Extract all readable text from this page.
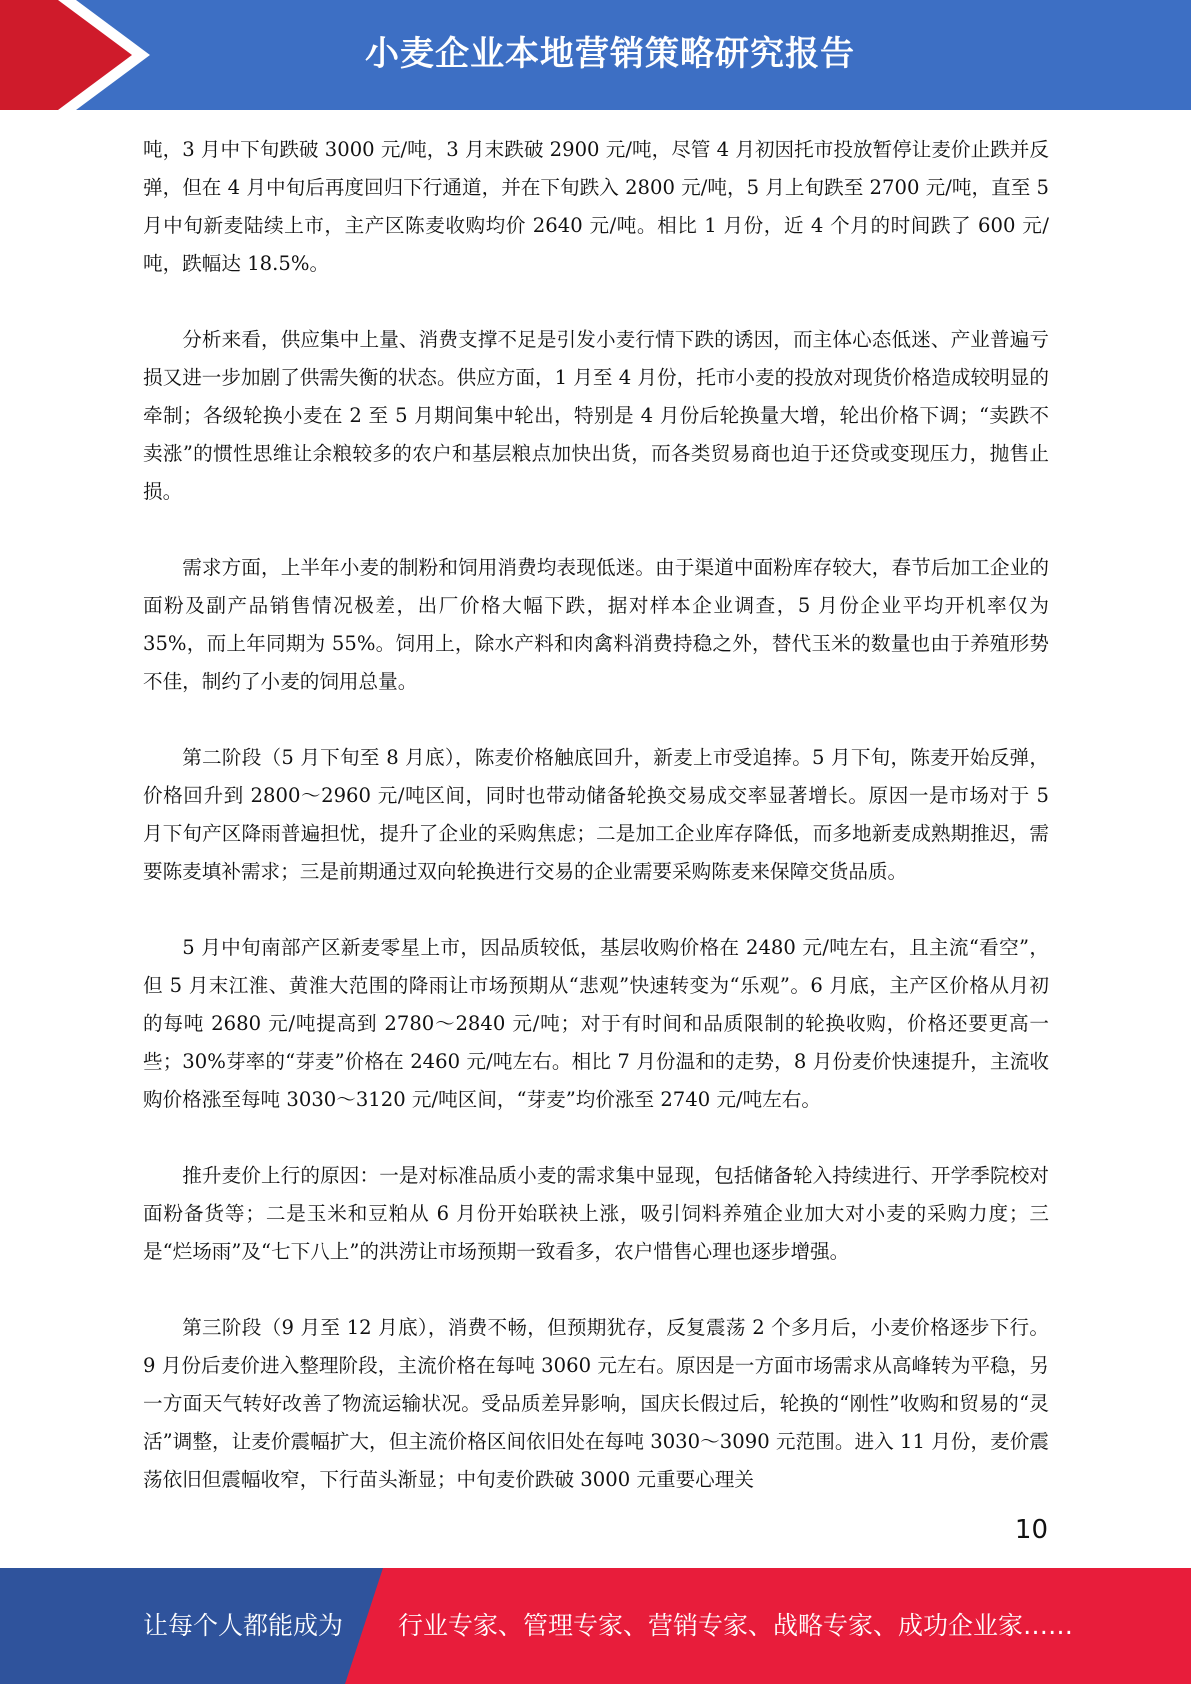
小麦企业本地营销策略研究报告

吨，3 月中下旬跌破 3000 元/吨，3 月末跌破 2900 元/吨，尽管 4 月初因托市投放暂停让麦价止跌并反弹，但在 4 月中旬后再度回归下行通道，并在下旬跌入 2800 元/吨，5 月上旬跌至 2700 元/吨，直至 5 月中旬新麦陆续上市，主产区陈麦收购均价 2640 元/吨。相比 1 月份，近 4 个月的时间跌了 600 元/吨，跌幅达 18.5%。

分析来看，供应集中上量、消费支撑不足是引发小麦行情下跌的诱因，而主体心态低迷、产业普遍亏损又进一步加剧了供需失衡的状态。供应方面，1 月至 4 月份，托市小麦的投放对现货价格造成较明显的牵制；各级轮换小麦在 2 至 5 月期间集中轮出，特别是 4 月份后轮换量大增，轮出价格下调；“卖跌不卖涨”的惯性思维让余粮较多的农户和基层粮点加快出货，而各类贸易商也迫于还贷或变现压力，抛售止损。

需求方面，上半年小麦的制粉和饲用消费均表现低迷。由于渠道中面粉库存较大，春节后加工企业的面粉及副产品销售情况极差，出厂价格大幅下跌，据对样本企业调查，5 月份企业平均开机率仅为 35%，而上年同期为 55%。饲用上，除水产料和肉禽料消费持稳之外，替代玉米的数量也由于养殖形势不佳，制约了小麦的饲用总量。

第二阶段（5 月下旬至 8 月底），陈麦价格触底回升，新麦上市受追捧。5 月下旬，陈麦开始反弹，价格回升到 2800～2960 元/吨区间，同时也带动储备轮换交易成交率显著增长。原因一是市场对于 5 月下旬产区降雨普遍担忧，提升了企业的采购焦虑；二是加工企业库存降低，而多地新麦成熟期推迟，需要陈麦填补需求；三是前期通过双向轮换进行交易的企业需要采购陈麦来保障交货品质。

5 月中旬南部产区新麦零星上市，因品质较低，基层收购价格在 2480 元/吨左右，且主流“看空”，但 5 月末江淮、黄淮大范围的降雨让市场预期从“悲观”快速转变为“乐观”。6 月底，主产区价格从月初的每吨 2680 元/吨提高到 2780～2840 元/吨；对于有时间和品质限制的轮换收购，价格还要更高一些；30%芽率的“芽麦”价格在 2460 元/吨左右。相比 7 月份温和的走势，8 月份麦价快速提升，主流收购价格涨至每吨 3030～3120 元/吨区间，“芽麦”均价涨至 2740 元/吨左右。

推升麦价上行的原因：一是对标准品质小麦的需求集中显现，包括储备轮入持续进行、开学季院校对面粉备货等；二是玉米和豆粕从 6 月份开始联袂上涨，吸引饲料养殖企业加大对小麦的采购力度；三是“烂场雨”及“七下八上”的洪涝让市场预期一致看多，农户惜售心理也逐步增强。

第三阶段（9 月至 12 月底），消费不畅，但预期犹存，反复震荡 2 个多月后，小麦价格逐步下行。9 月份后麦价进入整理阶段，主流价格在每吨 3060 元左右。原因是一方面市场需求从高峰转为平稳，另一方面天气转好改善了物流运输状况。受品质差异影响，国庆长假过后，轮换的“刚性”收购和贸易的“灵活”调整，让麦价震幅扩大，但主流价格区间依旧处在每吨 3030～3090 元范围。进入 11 月份，麦价震荡依旧但震幅收窄，下行苗头渐显；中旬麦价跌破 3000 元重要心理关

10
让每个人都能成为 行业专家、管理专家、营销专家、战略专家、成功企业家……
